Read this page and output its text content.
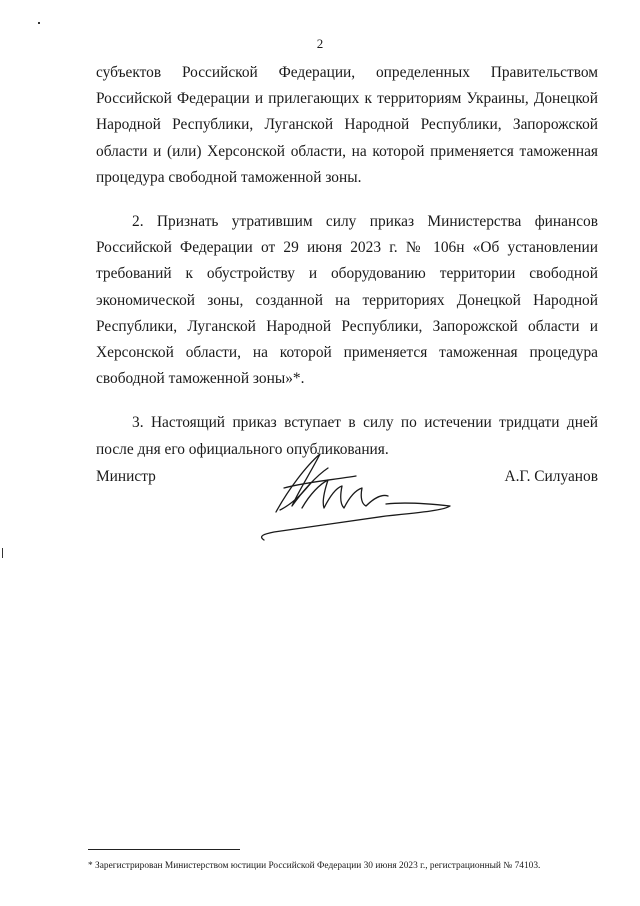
2

субъектов Российской Федерации, определенных Правительством Российской Федерации и прилегающих к территориям Украины, Донецкой Народной Республики, Луганской Народной Республики, Запорожской области и (или) Херсонской области, на которой применяется таможенная процедура свободной таможенной зоны.

2. Признать утратившим силу приказ Министерства финансов Российской Федерации от 29 июня 2023 г. № 106н «Об установлении требований к обустройству и оборудованию территории свободной экономической зоны, созданной на территориях Донецкой Народной Республики, Луганской Народной Республики, Запорожской области и Херсонской области, на которой применяется таможенная процедура свободной таможенной зоны»*.

3. Настоящий приказ вступает в силу по истечении тридцати дней после дня его официального опубликования.

Министр	А.Г. Силуанов
* Зарегистрирован Министерством юстиции Российской Федерации 30 июня 2023 г., регистрационный № 74103.
